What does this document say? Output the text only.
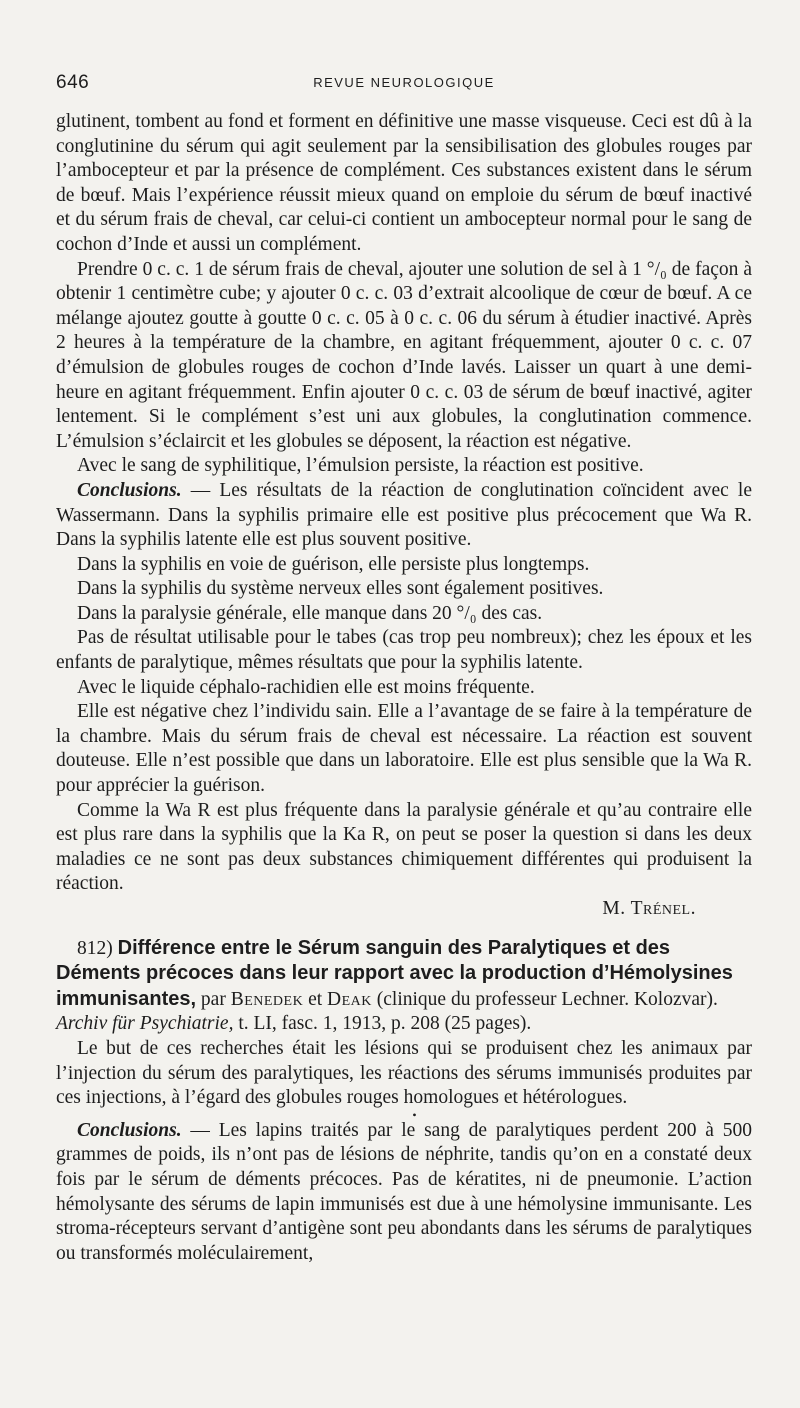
646	REVUE NEUROLOGIQUE

glutinent, tombent au fond et forment en définitive une masse visqueuse. Ceci est dû à la conglutinine du sérum qui agit seulement par la sensibilisation des globules rouges par l’ambocepteur et par la présence de complément. Ces substances existent dans le sérum de bœuf. Mais l’expérience réussit mieux quand on emploie du sérum de bœuf inactivé et du sérum frais de cheval, car celui-ci contient un ambocepteur normal pour le sang de cochon d’Inde et aussi un complément.

Prendre 0 c. c. 1 de sérum frais de cheval, ajouter une solution de sel à 1 °/₀ de façon à obtenir 1 centimètre cube; y ajouter 0 c. c. 03 d’extrait alcoolique de cœur de bœuf. A ce mélange ajoutez goutte à goutte 0 c. c. 05 à 0 c. c. 06 du sérum à étudier inactivé. Après 2 heures à la température de la chambre, en agitant fréquemment, ajouter 0 c. c. 07 d’émulsion de globules rouges de cochon d’Inde lavés. Laisser un quart à une demi-heure en agitant fréquemment. Enfin ajouter 0 c. c. 03 de sérum de bœuf inactivé, agiter lentement. Si le complément s’est uni aux globules, la conglutination commence. L’émulsion s’éclaircit et les globules se déposent, la réaction est négative.

Avec le sang de syphilitique, l’émulsion persiste, la réaction est positive.

Conclusions. — Les résultats de la réaction de conglutination coïncident avec le Wassermann. Dans la syphilis primaire elle est positive plus précocement que Wa R. Dans la syphilis latente elle est plus souvent positive.

Dans la syphilis en voie de guérison, elle persiste plus longtemps.

Dans la syphilis du système nerveux elles sont également positives.

Dans la paralysie générale, elle manque dans 20 °/₀ des cas.

Pas de résultat utilisable pour le tabes (cas trop peu nombreux); chez les époux et les enfants de paralytique, mêmes résultats que pour la syphilis latente.

Avec le liquide céphalo-rachidien elle est moins fréquente.

Elle est négative chez l’individu sain. Elle a l’avantage de se faire à la température de la chambre. Mais du sérum frais de cheval est nécessaire. La réaction est souvent douteuse. Elle n’est possible que dans un laboratoire. Elle est plus sensible que la Wa R. pour apprécier la guérison.

Comme la Wa R est plus fréquente dans la paralysie générale et qu’au contraire elle est plus rare dans la syphilis que la Ka R, on peut se poser la question si dans les deux maladies ce ne sont pas deux substances chimiquement différentes qui produisent la réaction.

M. Trénel.

812) Différence entre le Sérum sanguin des Paralytiques et des Déments précoces dans leur rapport avec la production d’Hémolysines immunisantes, par Benedek et Deak (clinique du professeur Lechner. Kolozvar). Archiv für Psychiatrie, t. LI, fasc. 1, 1913, p. 208 (25 pages).

Le but de ces recherches était les lésions qui se produisent chez les animaux par l’injection du sérum des paralytiques, les réactions des sérums immunisés produites par ces injections, à l’égard des globules rouges homologues et hétérologues.

•

Conclusions. — Les lapins traités par le sang de paralytiques perdent 200 à 500 grammes de poids, ils n’ont pas de lésions de néphrite, tandis qu’on en a constaté deux fois par le sérum de déments précoces. Pas de kératites, ni de pneumonie. L’action hémolysante des sérums de lapin immunisés est due à une hémolysine immunisante. Les stroma-récepteurs servant d’antigène sont peu abondants dans les sérums de paralytiques ou transformés moléculairement,
